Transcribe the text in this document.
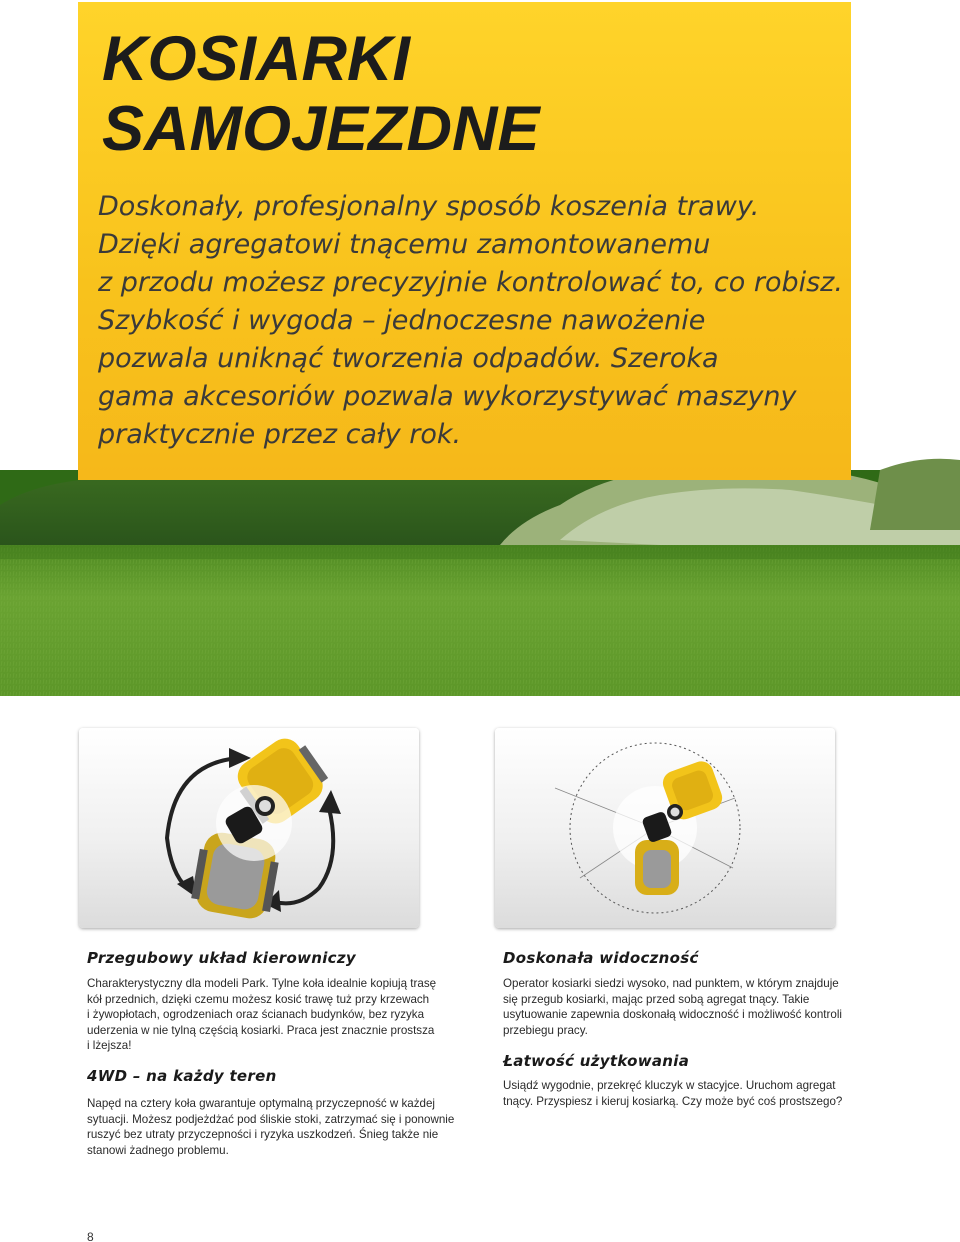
KOSIARKI
SAMOJEZDNE
Doskonały, profesjonalny sposób koszenia trawy.
Dzięki agregatowi tnącemu zamontowanemu
z przodu możesz precyzyjnie kontrolować to, co robisz.
Szybkość i wygoda – jednoczesne nawożenie
pozwala uniknąć tworzenia odpadów. Szeroka
gama akcesoriów pozwala wykorzystywać maszyny
praktycznie przez cały rok.
Przegubowy układ kierowniczy
Charakterystyczny dla modeli Park. Tylne koła idealnie kopiują trasę
kół przednich, dzięki czemu możesz kosić trawę tuż przy krzewach
i żywopłotach, ogrodzeniach oraz ścianach budynków, bez ryzyka
uderzenia w nie tylną częścią kosiarki. Praca jest znacznie prostsza
i lżejsza!
4WD – na każdy teren
Napęd na cztery koła gwarantuje optymalną przyczepność w każdej
sytuacji. Możesz podjeżdżać pod śliskie stoki, zatrzymać się i ponownie
ruszyć bez utraty przyczepności i ryzyka uszkodzeń. Śnieg także nie
stanowi żadnego problemu.
Doskonała widoczność
Operator kosiarki siedzi wysoko, nad punktem, w którym znajduje
się przegub kosiarki, mając przed sobą agregat tnący. Takie
usytuowanie zapewnia doskonałą widoczność i możliwość kontroli
przebiegu pracy.
Łatwość użytkowania
Usiądź wygodnie, przekręć kluczyk w stacyjce. Uruchom agregat
tnący. Przyspiesz i kieruj kosiarką. Czy może być coś prostszego?
8
